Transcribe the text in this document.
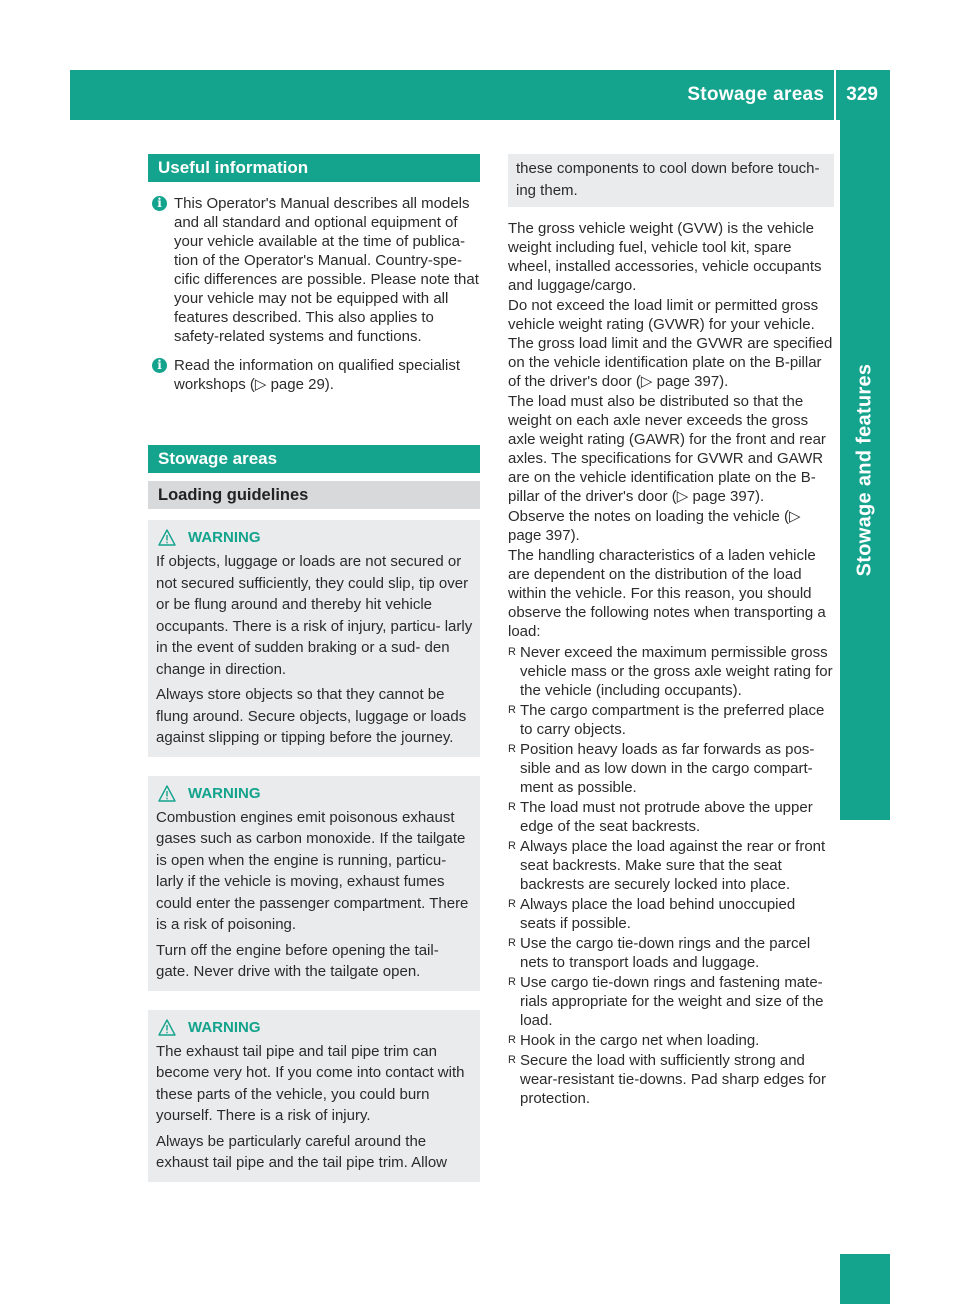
Stowage areas	329
Stowage and features
Useful information
i This Operator's Manual describes all models and all standard and optional equipment of your vehicle available at the time of publica- tion of the Operator's Manual. Country-spe- cific differences are possible. Please note that your vehicle may not be equipped with all features described. This also applies to safety-related systems and functions.

i Read the information on qualified specialist workshops (▷ page 29).

Stowage areas
Loading guidelines
WARNING

If objects, luggage or loads are not secured or not secured sufficiently, they could slip, tip over or be flung around and thereby hit vehicle occupants. There is a risk of injury, particu- larly in the event of sudden braking or a sud- den change in direction.

Always store objects so that they cannot be flung around. Secure objects, luggage or loads against slipping or tipping before the journey.

WARNING

Combustion engines emit poisonous exhaust gases such as carbon monoxide. If the tailgate is open when the engine is running, particu- larly if the vehicle is moving, exhaust fumes could enter the passenger compartment. There is a risk of poisoning.

Turn off the engine before opening the tail- gate. Never drive with the tailgate open.

WARNING

The exhaust tail pipe and tail pipe trim can become very hot. If you come into contact with these parts of the vehicle, you could burn yourself. There is a risk of injury.

Always be particularly careful around the exhaust tail pipe and the tail pipe trim. Allow

these components to cool down before touch- ing them.

The gross vehicle weight (GVW) is the vehicle weight including fuel, vehicle tool kit, spare wheel, installed accessories, vehicle occupants and luggage/cargo.

Do not exceed the load limit or permitted gross vehicle weight rating (GVWR) for your vehicle. The gross load limit and the GVWR are specified on the vehicle identification plate on the B-pillar of the driver's door (▷ page 397).

The load must also be distributed so that the weight on each axle never exceeds the gross axle weight rating (GAWR) for the front and rear axles. The specifications for GVWR and GAWR are on the vehicle identification plate on the B- pillar of the driver's door (▷ page 397).

Observe the notes on loading the vehicle (▷ page 397).

The handling characteristics of a laden vehicle are dependent on the distribution of the load within the vehicle. For this reason, you should observe the following notes when transporting a load:

R Never exceed the maximum permissible gross vehicle mass or the gross axle weight rating for the vehicle (including occupants).
R The cargo compartment is the preferred place to carry objects.
R Position heavy loads as far forwards as pos- sible and as low down in the cargo compart- ment as possible.
R The load must not protrude above the upper edge of the seat backrests.
R Always place the load against the rear or front seat backrests. Make sure that the seat backrests are securely locked into place.
R Always place the load behind unoccupied seats if possible.
R Use the cargo tie-down rings and the parcel nets to transport loads and luggage.
R Use cargo tie-down rings and fastening mate- rials appropriate for the weight and size of the load.
R Hook in the cargo net when loading.
R Secure the load with sufficiently strong and wear-resistant tie-downs. Pad sharp edges for protection.
